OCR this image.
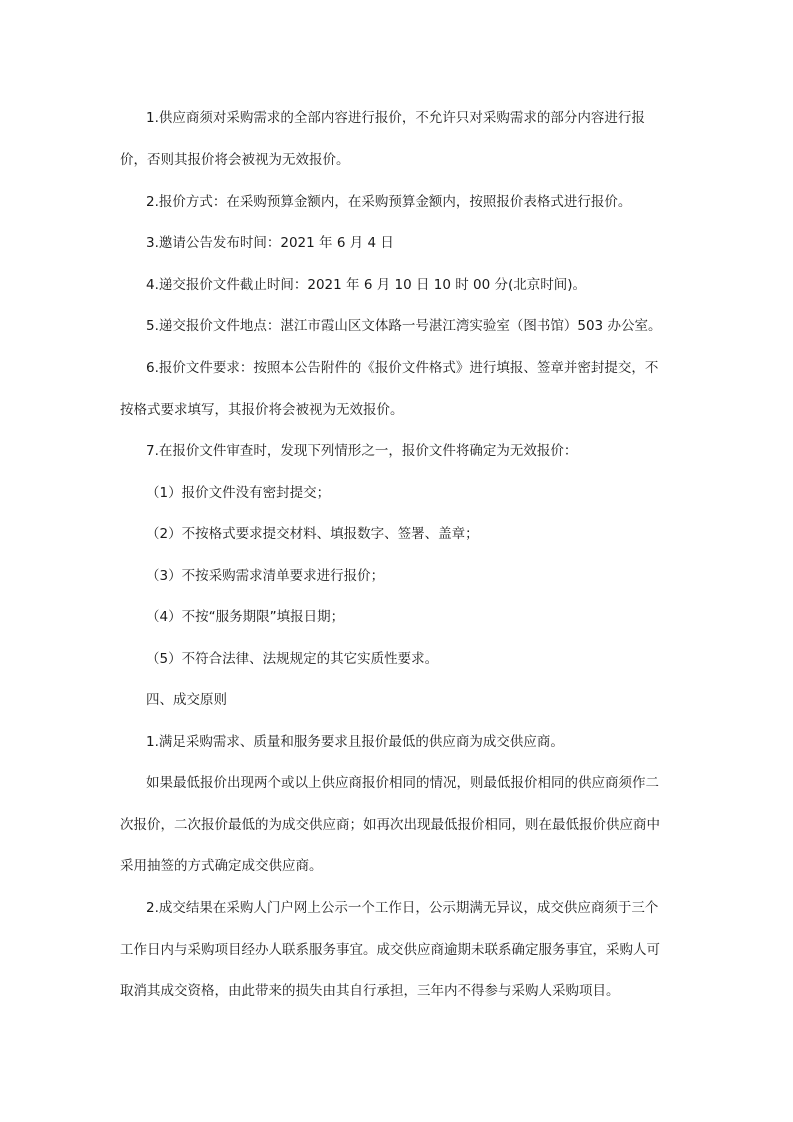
1.供应商须对采购需求的全部内容进行报价，不允许只对采购需求的部分内容进行报
价，否则其报价将会被视为无效报价。
2.报价方式：在采购预算金额内，在采购预算金额内，按照报价表格式进行报价。
3.邀请公告发布时间：2021 年 6 月 4 日
4.递交报价文件截止时间：2021 年 6 月 10 日 10 时 00 分(北京时间)。
5.递交报价文件地点：湛江市霞山区文体路一号湛江湾实验室（图书馆）503 办公室。
6.报价文件要求：按照本公告附件的《报价文件格式》进行填报、签章并密封提交，不
按格式要求填写，其报价将会被视为无效报价。
7.在报价文件审查时，发现下列情形之一，报价文件将确定为无效报价：
（1）报价文件没有密封提交；
（2）不按格式要求提交材料、填报数字、签署、盖章；
（3）不按采购需求清单要求进行报价；
（4）不按“服务期限”填报日期；
（5）不符合法律、法规规定的其它实质性要求。
四、成交原则
1.满足采购需求、质量和服务要求且报价最低的供应商为成交供应商。
如果最低报价出现两个或以上供应商报价相同的情况，则最低报价相同的供应商须作二
次报价，二次报价最低的为成交供应商；如再次出现最低报价相同，则在最低报价供应商中
采用抽签的方式确定成交供应商。
2.成交结果在采购人门户网上公示一个工作日，公示期满无异议，成交供应商须于三个
工作日内与采购项目经办人联系服务事宜。成交供应商逾期未联系确定服务事宜，采购人可
取消其成交资格，由此带来的损失由其自行承担，三年内不得参与采购人采购项目。
